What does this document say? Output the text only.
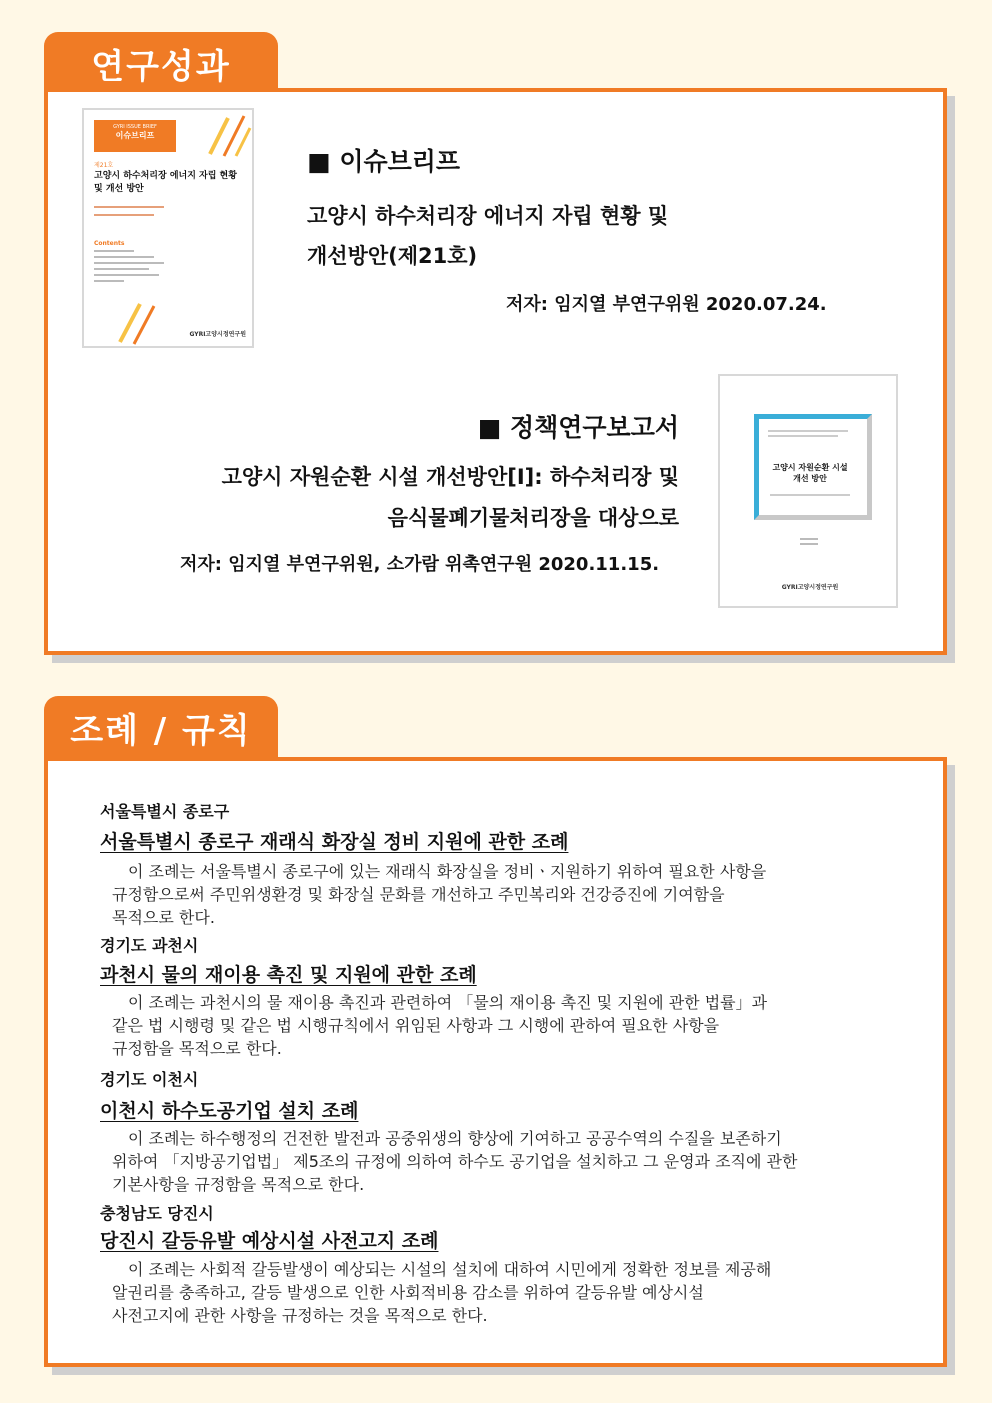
연구성과
GYRI ISSUE BRIEF
이슈브리프
제21호
고양시 하수처리장 에너지 자립 현황
및 개선 방안
Contents
GYRI고양시정연구원
■ 이슈브리프
고양시 하수처리장 에너지 자립 현황 및
개선방안(제21호)
저자: 임지열 부연구위원 2020.07.24.
■ 정책연구보고서
고양시 자원순환 시설 개선방안[Ⅰ]: 하수처리장 및
음식물폐기물처리장을 대상으로
저자: 임지열 부연구위원, 소가람 위촉연구원 2020.11.15.
고양시 자원순환 시설
개선 방안
GYRI고양시정연구원
조례 / 규칙
서울특별시 종로구
서울특별시 종로구 재래식 화장실 정비 지원에 관한 조례
이 조례는 서울특별시 종로구에 있는 재래식 화장실을 정비ㆍ지원하기 위하여 필요한 사항을
규정함으로써 주민위생환경 및 화장실 문화를 개선하고 주민복리와 건강증진에 기여함을
목적으로 한다.
경기도 과천시
과천시 물의 재이용 촉진 및 지원에 관한 조례
이 조례는 과천시의 물 재이용 촉진과 관련하여 「물의 재이용 촉진 및 지원에 관한 법률」과
같은 법 시행령 및 같은 법 시행규칙에서 위임된 사항과 그 시행에 관하여 필요한 사항을
규정함을 목적으로 한다.
경기도 이천시
이천시 하수도공기업 설치 조례
이 조례는 하수행정의 건전한 발전과 공중위생의 향상에 기여하고 공공수역의 수질을 보존하기
위하여 「지방공기업법」 제5조의 규정에 의하여 하수도 공기업을 설치하고 그 운영과 조직에 관한
기본사항을 규정함을 목적으로 한다.
충청남도 당진시
당진시 갈등유발 예상시설 사전고지 조례
이 조례는 사회적 갈등발생이 예상되는 시설의 설치에 대하여 시민에게 정확한 정보를 제공해
알권리를 충족하고, 갈등 발생으로 인한 사회적비용 감소를 위하여 갈등유발 예상시설
사전고지에 관한 사항을 규정하는 것을 목적으로 한다.
